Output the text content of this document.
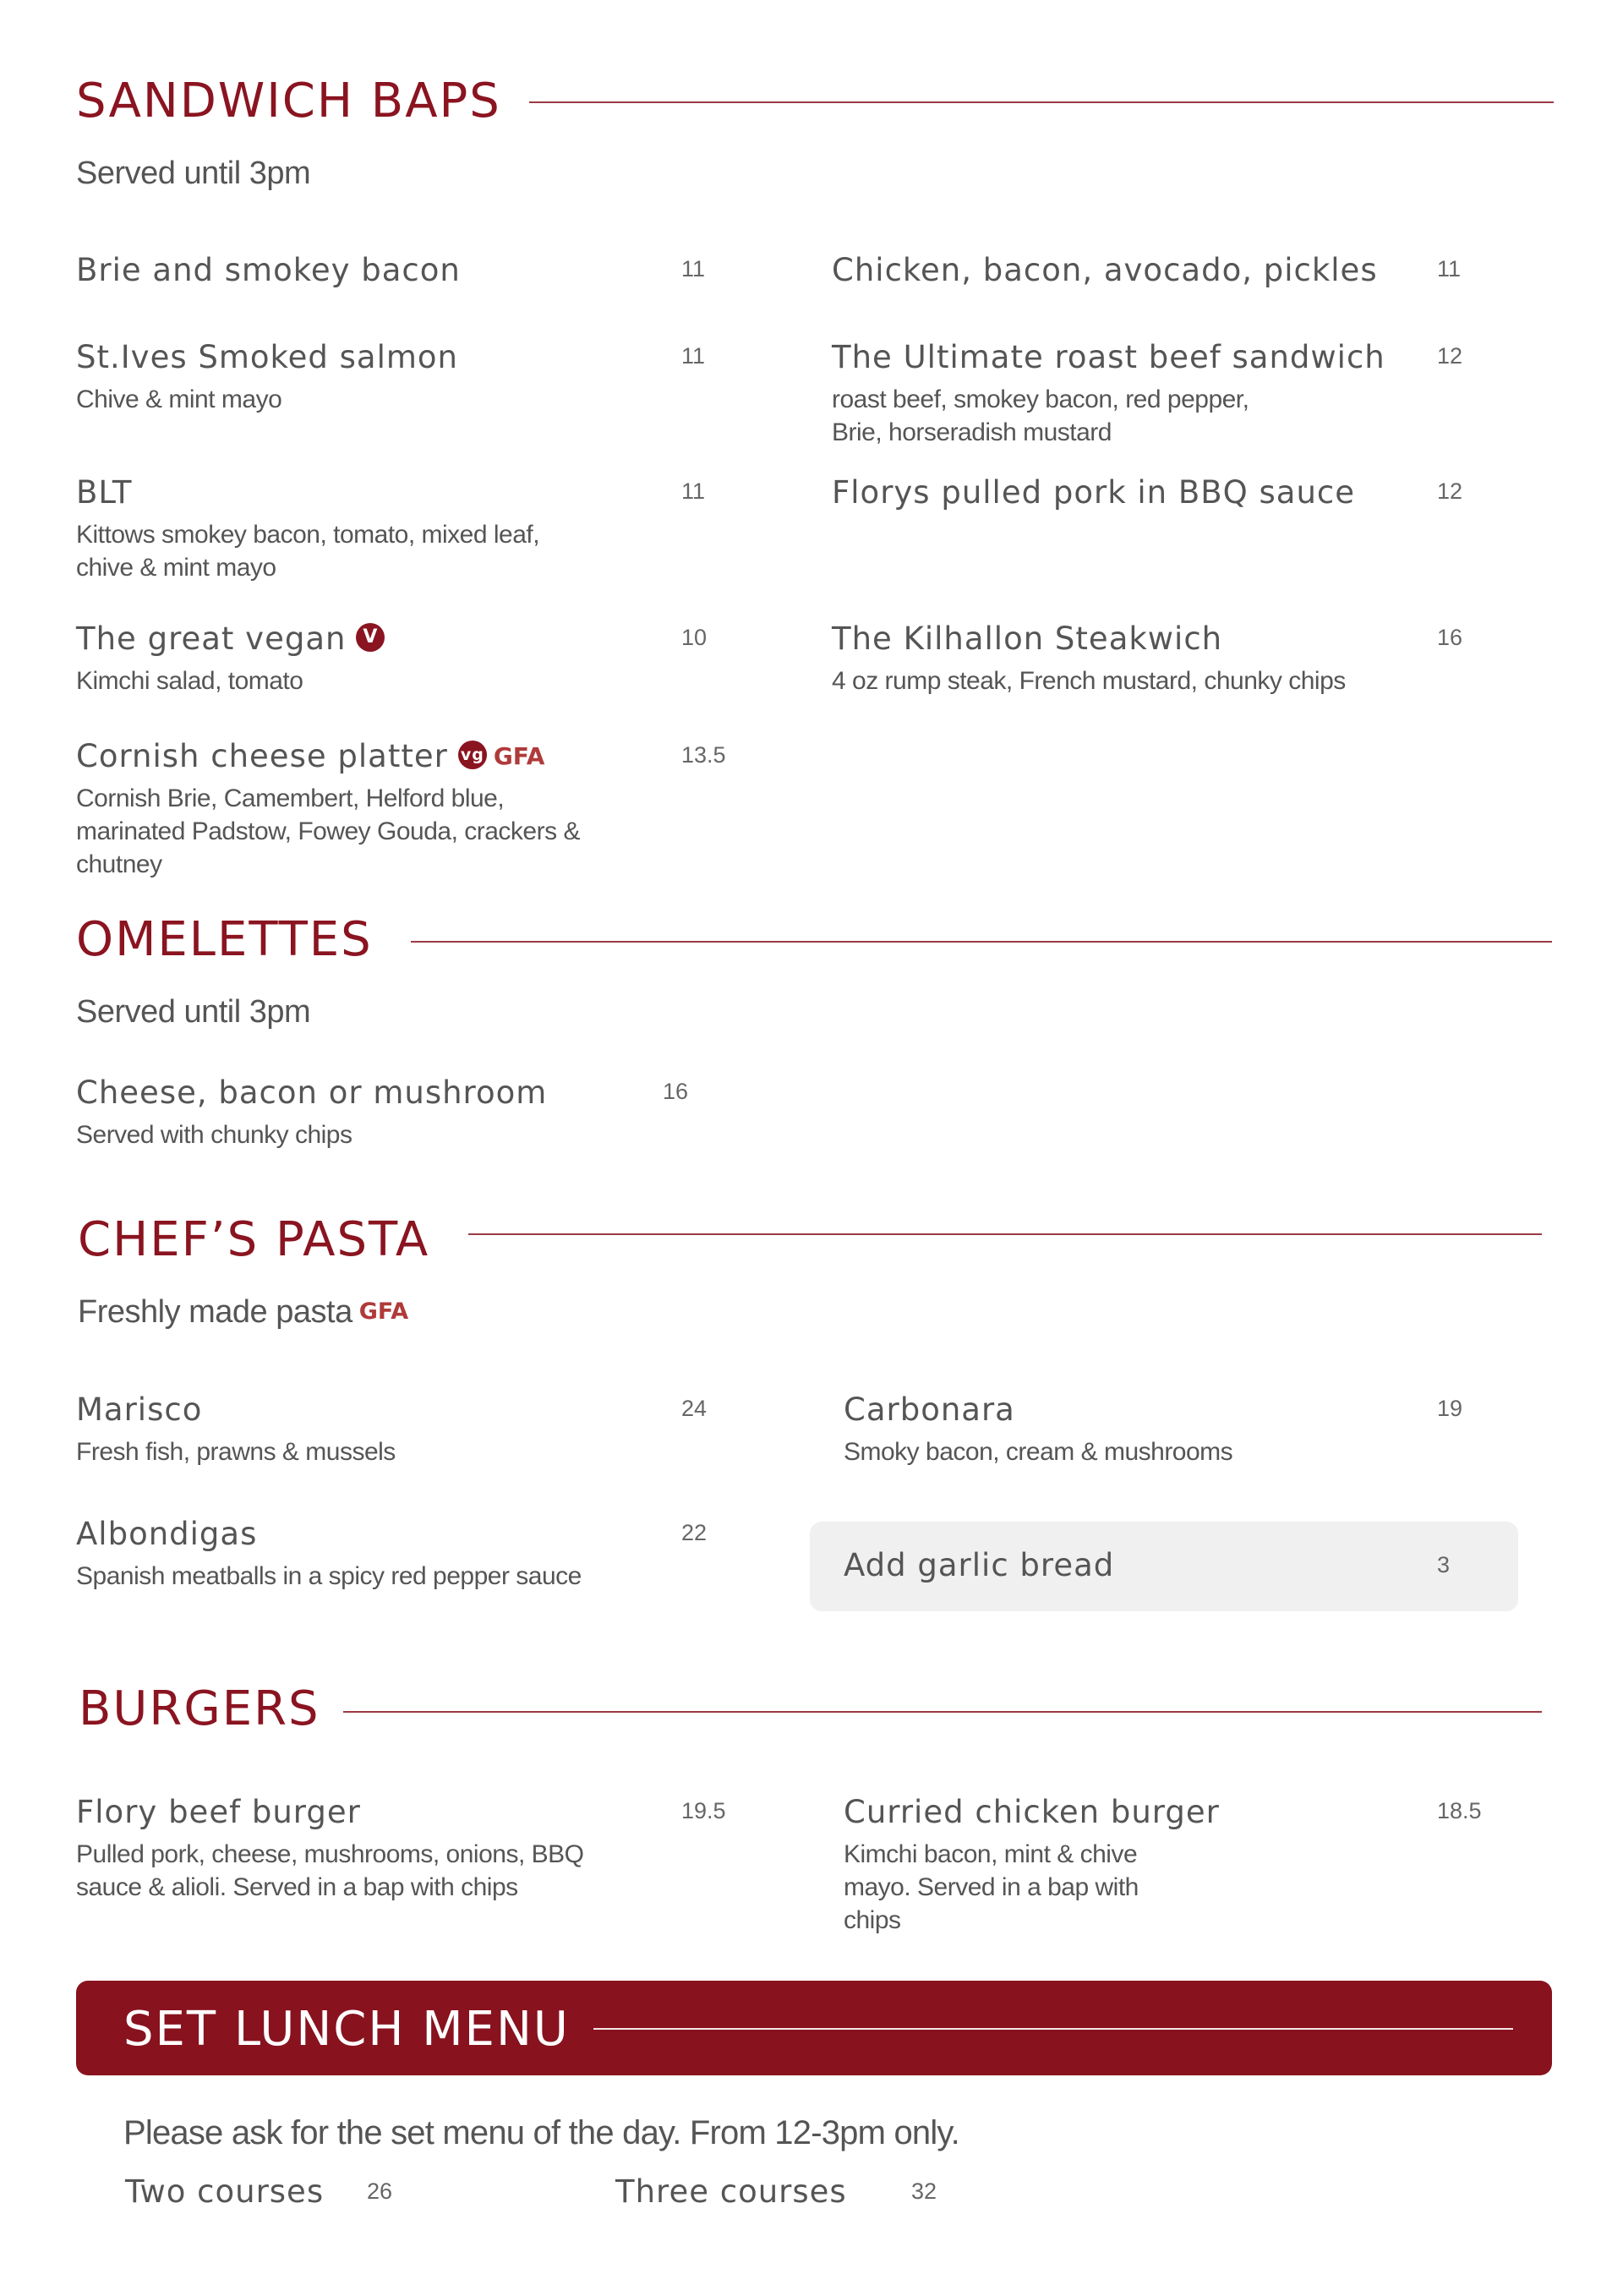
SANDWICH BAPS
Served until 3pm
Brie and smokey bacon	11	Chicken, bacon, avocado, pickles	11
St.Ives Smoked salmon	11
Chive & mint mayo
The Ultimate roast beef sandwich 12
roast beef, smokey bacon, red pepper, Brie, horseradish mustard
BLT	11
Kittows smokey bacon, tomato, mixed leaf, chive & mint mayo
Florys pulled pork in BBQ sauce	12
The great vegan V	10
Kimchi salad, tomato
The Kilhallon Steakwich	16
4 oz rump steak, French mustard, chunky chips
Cornish cheese platter vg GFA	13.5
Cornish Brie, Camembert, Helford blue, marinated Padstow, Fowey Gouda, crackers & chutney
OMELETTES
Served until 3pm
Cheese, bacon or mushroom	16
Served with chunky chips
CHEF’S PASTA
Freshly made pasta GFA
Marisco	24
Fresh fish, prawns & mussels
Carbonara	19
Smoky bacon, cream & mushrooms
Albondigas	22
Spanish meatballs in a spicy red pepper sauce	Add garlic bread	3
BURGERS
Flory beef burger	19.5
Pulled pork, cheese, mushrooms, onions, BBQ sauce & alioli. Served in a bap with chips
Curried chicken burger	18.5
Kimchi bacon, mint & chive mayo. Served in a bap with chips
SET LUNCH MENU
Please ask for the set menu of the day. From 12-3pm only.
Two courses 26	Three courses	32
